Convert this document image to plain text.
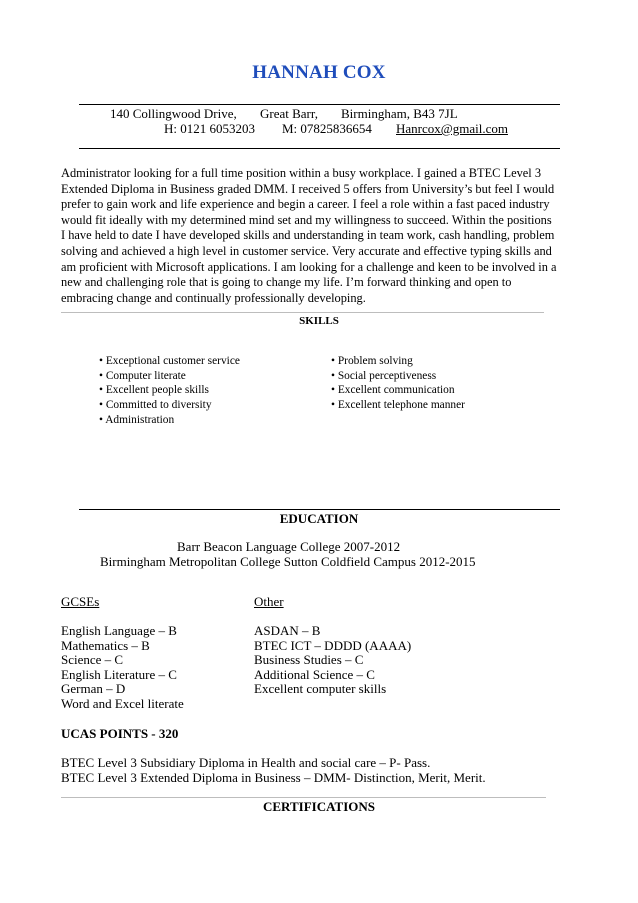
HANNAH COX
140 Collingwood Drive, Great Barr, Birmingham, B43 7JL
H: 0121 6053203 M: 07825836654 Hanrcox@gmail.com
Administrator looking for a full time position within a busy workplace. I gained a BTEC Level 3
Extended Diploma in Business graded DMM. I received 5 offers from University’s but feel I would
prefer to gain work and life experience and begin a career. I feel a role within a fast paced industry
would fit ideally with my determined mind set and my willingness to succeed. Within the positions
I have held to date I have developed skills and understanding in team work, cash handling, problem
solving and achieved a high level in customer service. Very accurate and effective typing skills and
am proficient with Microsoft applications. I am looking for a challenge and keen to be involved in a
new and challenging role that is going to change my life. I’m forward thinking and open to
embracing change and continually professionally developing.
SKILLS
• Exceptional customer service
• Computer literate
• Excellent people skills
• Committed to diversity
• Administration
• Problem solving
• Social perceptiveness
• Excellent communication
• Excellent telephone manner
EDUCATION
Barr Beacon Language College 2007-2012
Birmingham Metropolitan College Sutton Coldfield Campus 2012-2015
GCSEs	Other
English Language – B
Mathematics – B
Science – C
English Literature – C
German – D
Word and Excel literate
ASDAN – B
BTEC ICT – DDDD (AAAA)
Business Studies – C
Additional Science – C
Excellent computer skills
UCAS POINTS - 320
BTEC Level 3 Subsidiary Diploma in Health and social care – P- Pass.
BTEC Level 3 Extended Diploma in Business – DMM- Distinction, Merit, Merit.
CERTIFICATIONS
